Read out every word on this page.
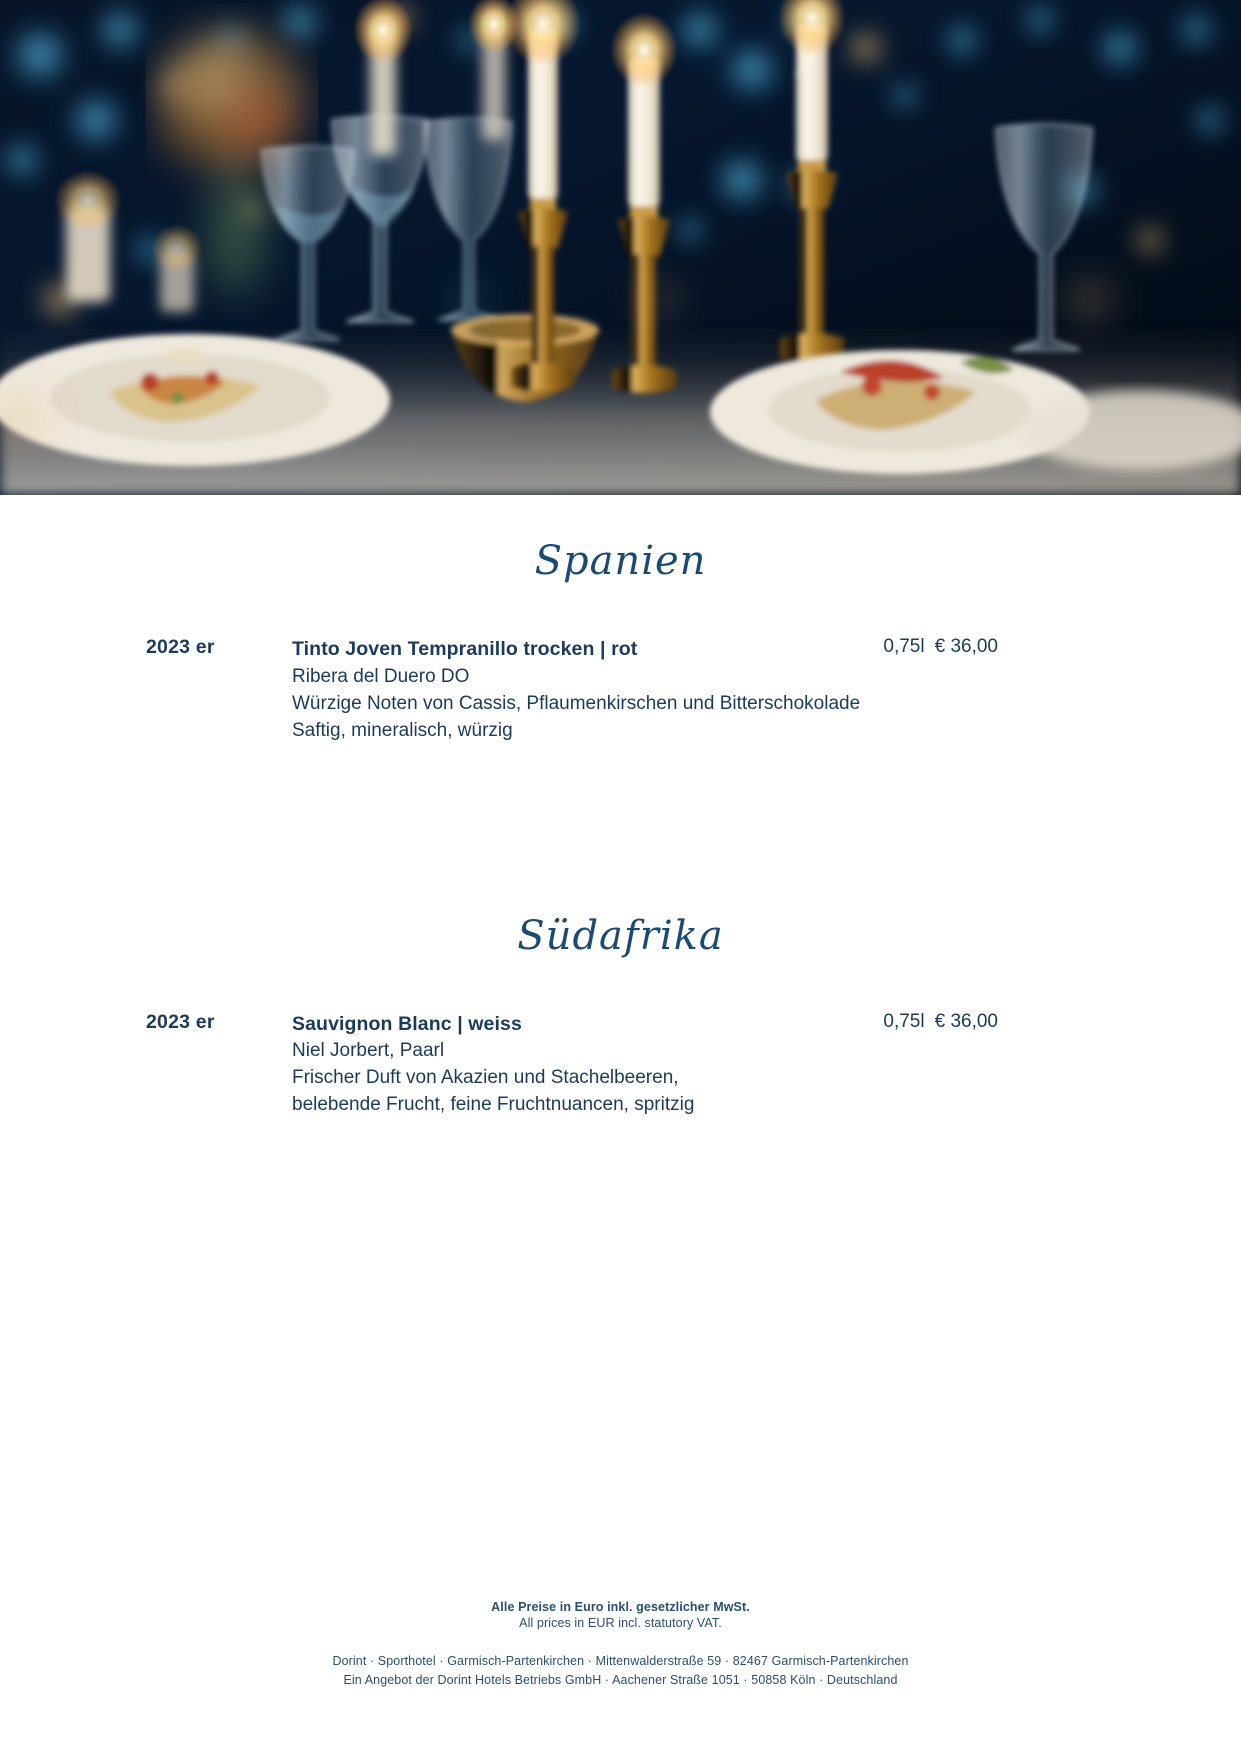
Spanien
2023 er	0,75l € 36,00
Tinto Joven Tempranillo trocken | rot
Ribera del Duero DO
Würzige Noten von Cassis, Pflaumenkirschen und Bitterschokolade
Saftig, mineralisch, würzig
Südafrika
2023 er	0,75l € 36,00
Sauvignon Blanc | weiss
Niel Jorbert, Paarl
Frischer Duft von Akazien und Stachelbeeren,
belebende Frucht, feine Fruchtnuancen, spritzig
Alle Preise in Euro inkl. gesetzlicher MwSt.
All prices in EUR incl. statutory VAT.
Dorint · Sporthotel · Garmisch-Partenkirchen · Mittenwalderstraße 59 · 82467 Garmisch-Partenkirchen
Ein Angebot der Dorint Hotels Betriebs GmbH · Aachener Straße 1051 · 50858 Köln · Deutschland
